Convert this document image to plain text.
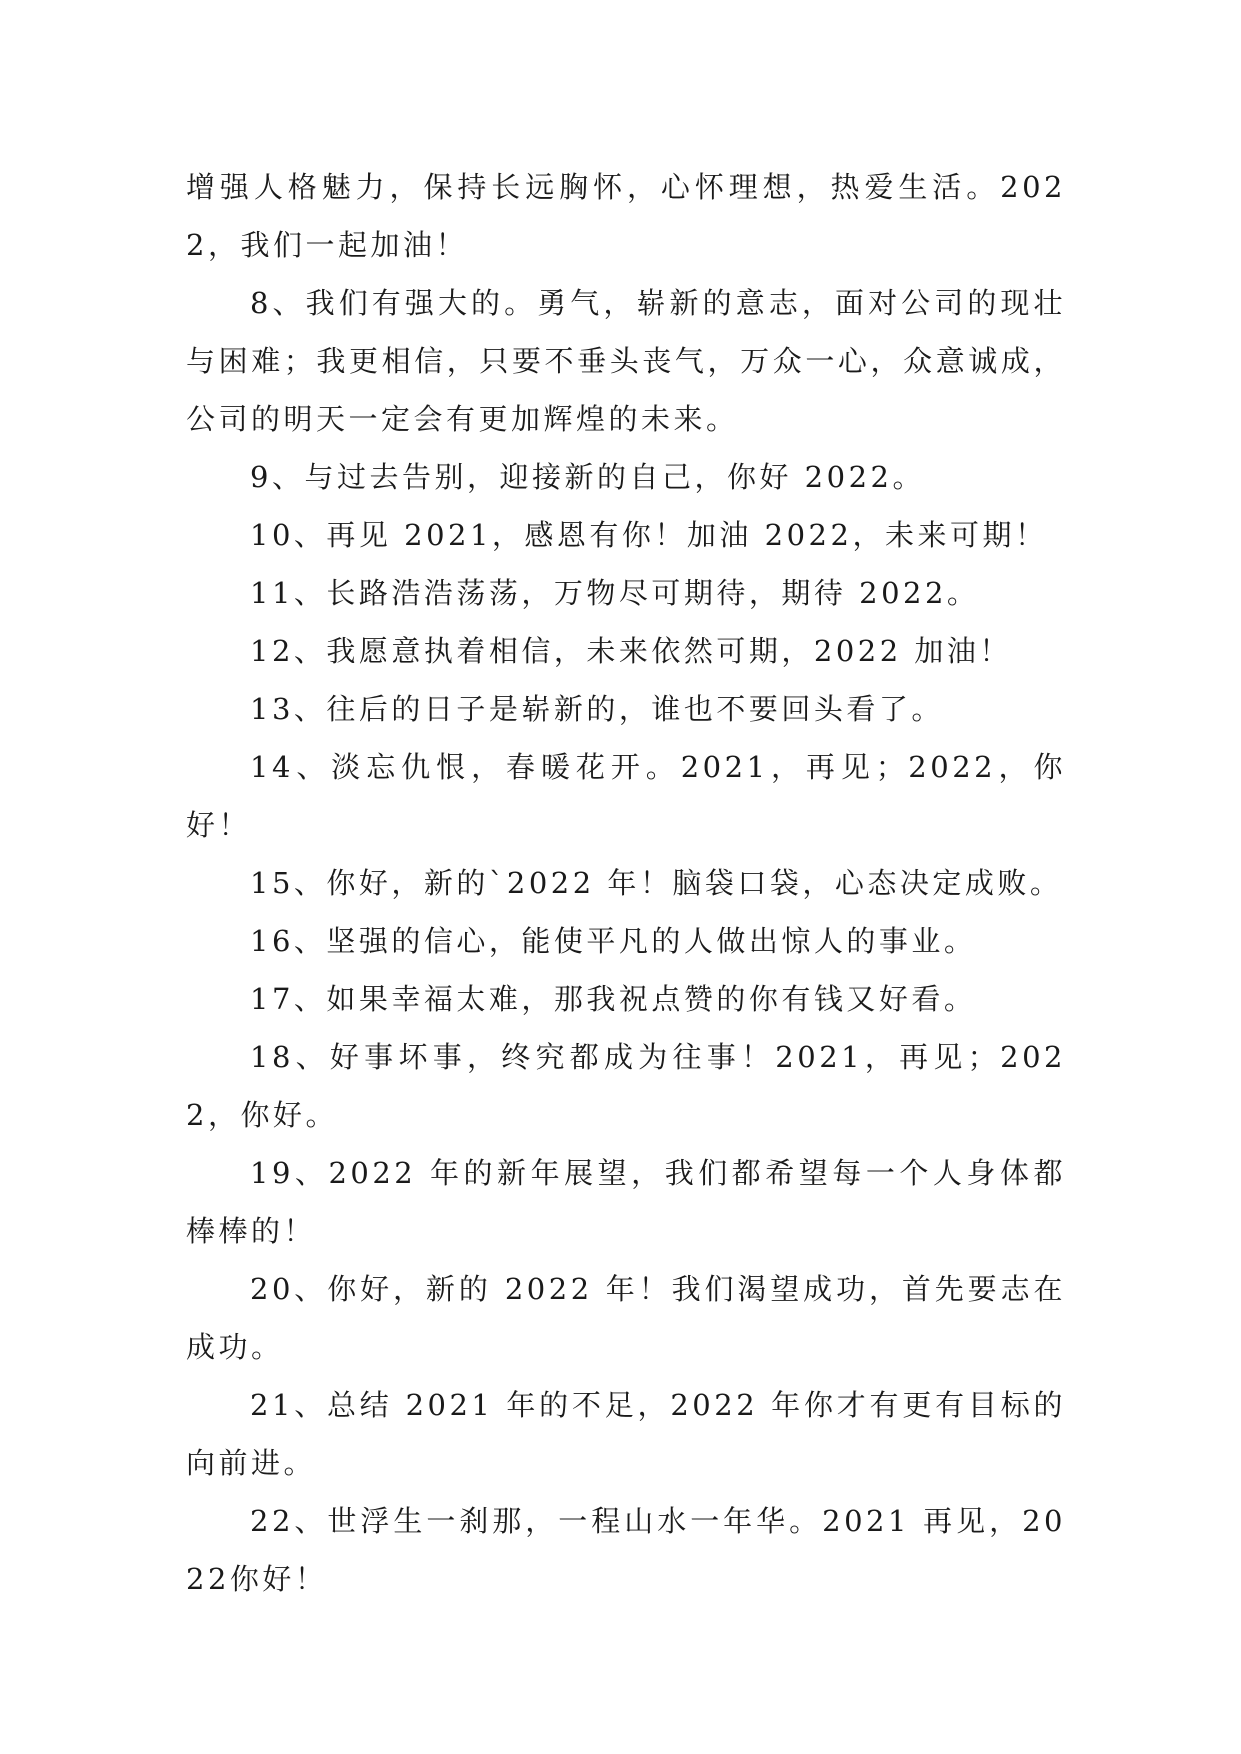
增强人格魅力，保持长远胸怀，心怀理想，热爱生活。2022，我们一起加油！

8、我们有强大的。勇气，崭新的意志，面对公司的现壮与困难；我更相信，只要不垂头丧气，万众一心，众意诚成，公司的明天一定会有更加辉煌的未来。

9、与过去告别，迎接新的自己，你好 2022。

10、再见 2021，感恩有你！加油 2022，未来可期！

11、长路浩浩荡荡，万物尽可期待，期待 2022。

12、我愿意执着相信，未来依然可期，2022 加油！

13、往后的日子是崭新的，谁也不要回头看了。

14、淡忘仇恨，春暖花开。2021，再见；2022，你好！

15、你好，新的`2022 年！脑袋口袋，心态决定成败。

16、坚强的信心，能使平凡的人做出惊人的事业。

17、如果幸福太难，那我祝点赞的你有钱又好看。

18、好事坏事，终究都成为往事！2021，再见；2022，你好。

19、2022 年的新年展望，我们都希望每一个人身体都棒棒的！

20、你好，新的 2022 年！我们渴望成功，首先要志在成功。

21、总结 2021 年的不足，2022 年你才有更有目标的向前进。

22、世浮生一刹那，一程山水一年华。2021 再见，2022你好！
